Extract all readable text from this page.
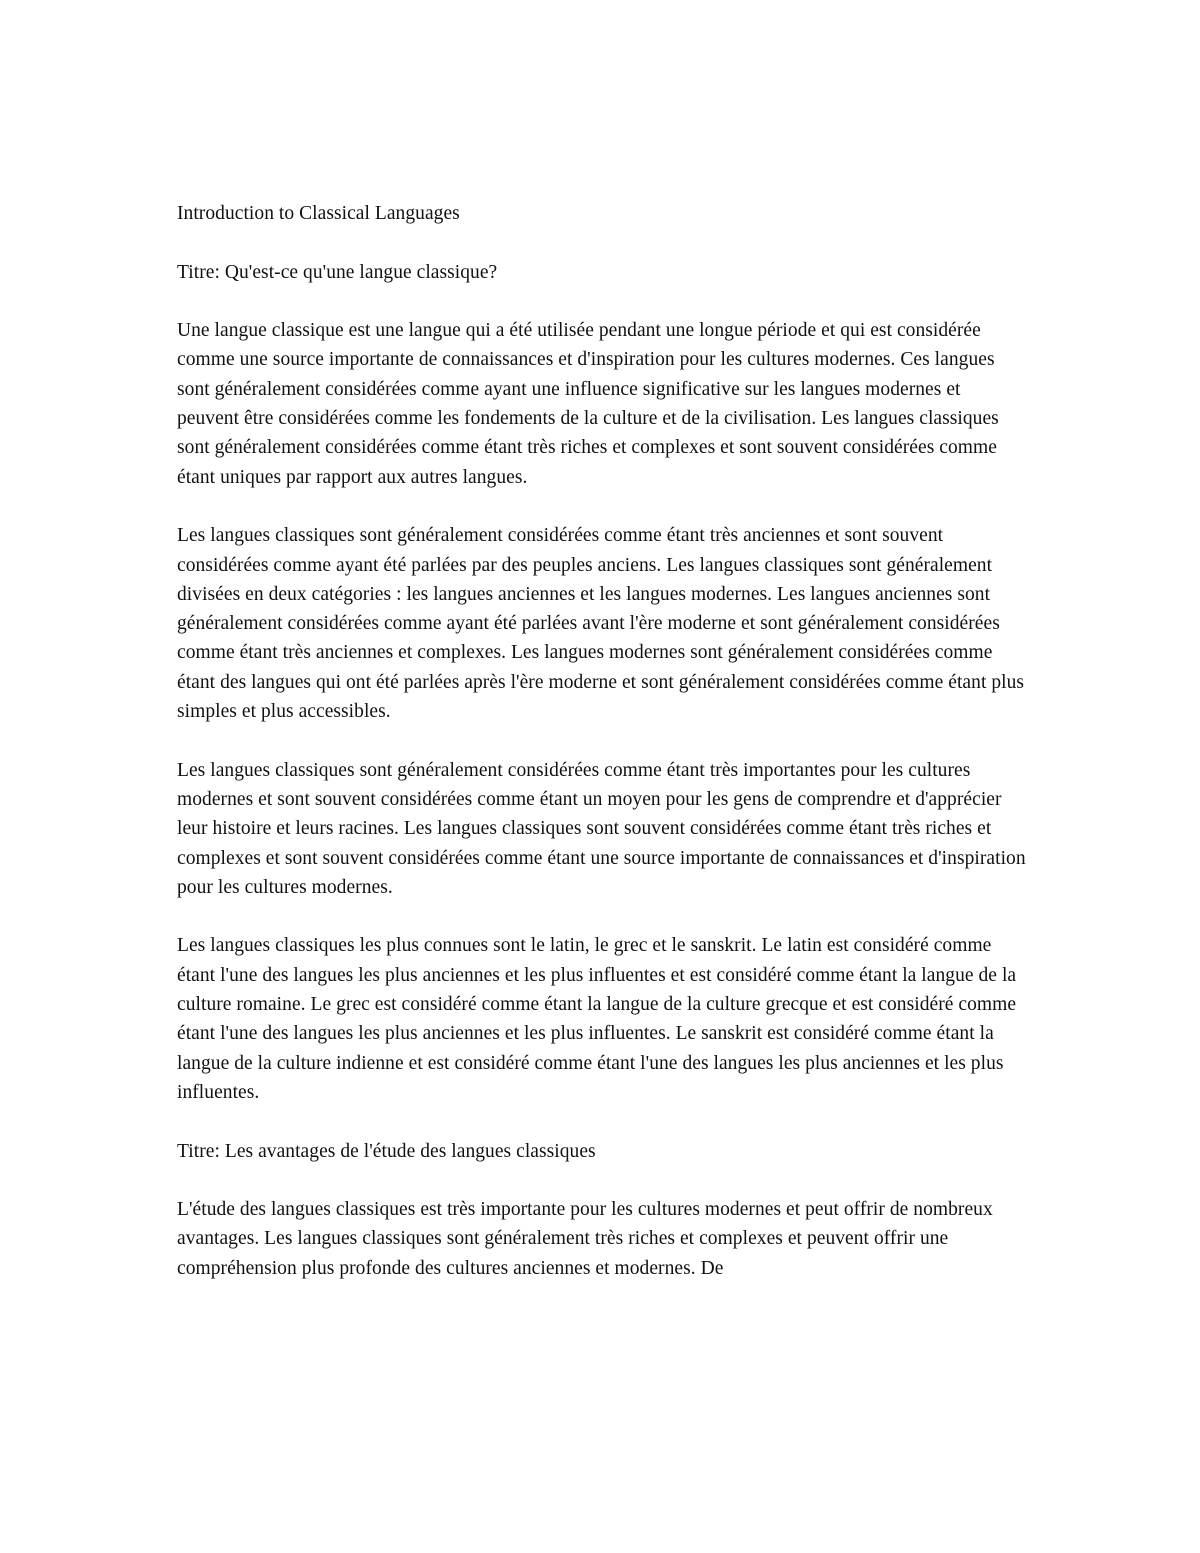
Introduction to Classical Languages

Titre: Qu'est-ce qu'une langue classique?

Une langue classique est une langue qui a été utilisée pendant une longue période et qui est considérée comme une source importante de connaissances et d'inspiration pour les cultures modernes. Ces langues sont généralement considérées comme ayant une influence significative sur les langues modernes et peuvent être considérées comme les fondements de la culture et de la civilisation. Les langues classiques sont généralement considérées comme étant très riches et complexes et sont souvent considérées comme étant uniques par rapport aux autres langues.

Les langues classiques sont généralement considérées comme étant très anciennes et sont souvent considérées comme ayant été parlées par des peuples anciens. Les langues classiques sont généralement divisées en deux catégories : les langues anciennes et les langues modernes. Les langues anciennes sont généralement considérées comme ayant été parlées avant l'ère moderne et sont généralement considérées comme étant très anciennes et complexes. Les langues modernes sont généralement considérées comme étant des langues qui ont été parlées après l'ère moderne et sont généralement considérées comme étant plus simples et plus accessibles.

Les langues classiques sont généralement considérées comme étant très importantes pour les cultures modernes et sont souvent considérées comme étant un moyen pour les gens de comprendre et d'apprécier leur histoire et leurs racines. Les langues classiques sont souvent considérées comme étant très riches et complexes et sont souvent considérées comme étant une source importante de connaissances et d'inspiration pour les cultures modernes.

Les langues classiques les plus connues sont le latin, le grec et le sanskrit. Le latin est considéré comme étant l'une des langues les plus anciennes et les plus influentes et est considéré comme étant la langue de la culture romaine. Le grec est considéré comme étant la langue de la culture grecque et est considéré comme étant l'une des langues les plus anciennes et les plus influentes. Le sanskrit est considéré comme étant la langue de la culture indienne et est considéré comme étant l'une des langues les plus anciennes et les plus influentes.

Titre: Les avantages de l'étude des langues classiques

L'étude des langues classiques est très importante pour les cultures modernes et peut offrir de nombreux avantages. Les langues classiques sont généralement très riches et complexes et peuvent offrir une compréhension plus profonde des cultures anciennes et modernes. De
